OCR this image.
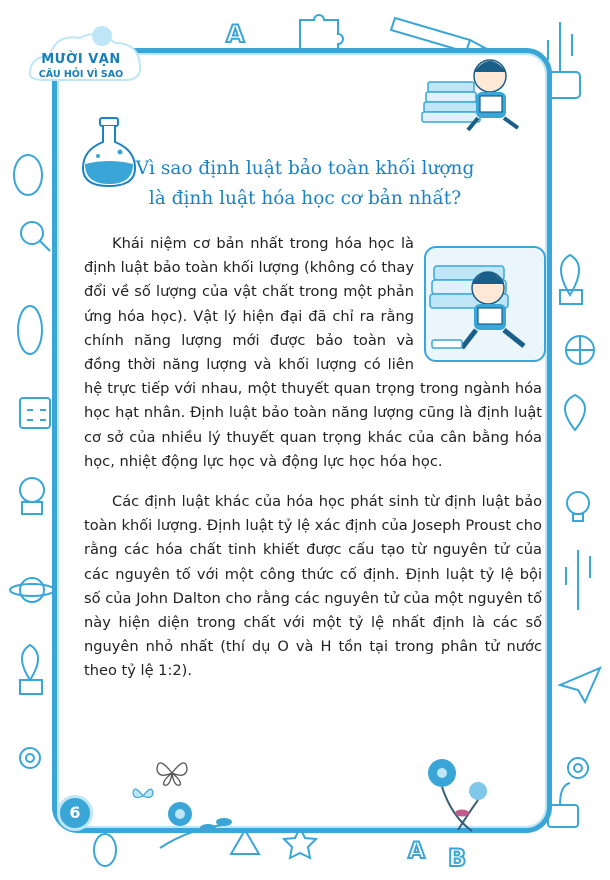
A
A B
MƯỜI VẠN
CÂU HỎI VÌ SAO
Vì sao định luật bảo toàn khối lượng
là định luật hóa học cơ bản nhất?
Khái niệm cơ bản nhất trong hóa học là định luật bảo toàn khối lượng (không có thay đổi về số lượng của vật chất trong một phản ứng hóa học). Vật lý hiện đại đã chỉ ra rằng chính năng lượng mới được bảo toàn và đồng thời năng lượng và khối lượng có liên hệ trực tiếp với nhau, một thuyết quan trọng trong ngành hóa học hạt nhân. Định luật bảo toàn năng lượng cũng là định luật cơ sở của nhiều lý thuyết quan trọng khác của cân bằng hóa học, nhiệt động lực học và động lực học hóa học.
Các định luật khác của hóa học phát sinh từ định luật bảo toàn khối lượng. Định luật tỷ lệ xác định của Joseph Proust cho rằng các hóa chất tinh khiết được cấu tạo từ nguyên tử của các nguyên tố với một công thức cố định. Định luật tỷ lệ bội số của John Dalton cho rằng các nguyên tử của một nguyên tố này hiện diện trong chất với một tỷ lệ nhất định là các số nguyên nhỏ nhất (thí dụ O và H tồn tại trong phân tử nước theo tỷ lệ 1:2).
6
